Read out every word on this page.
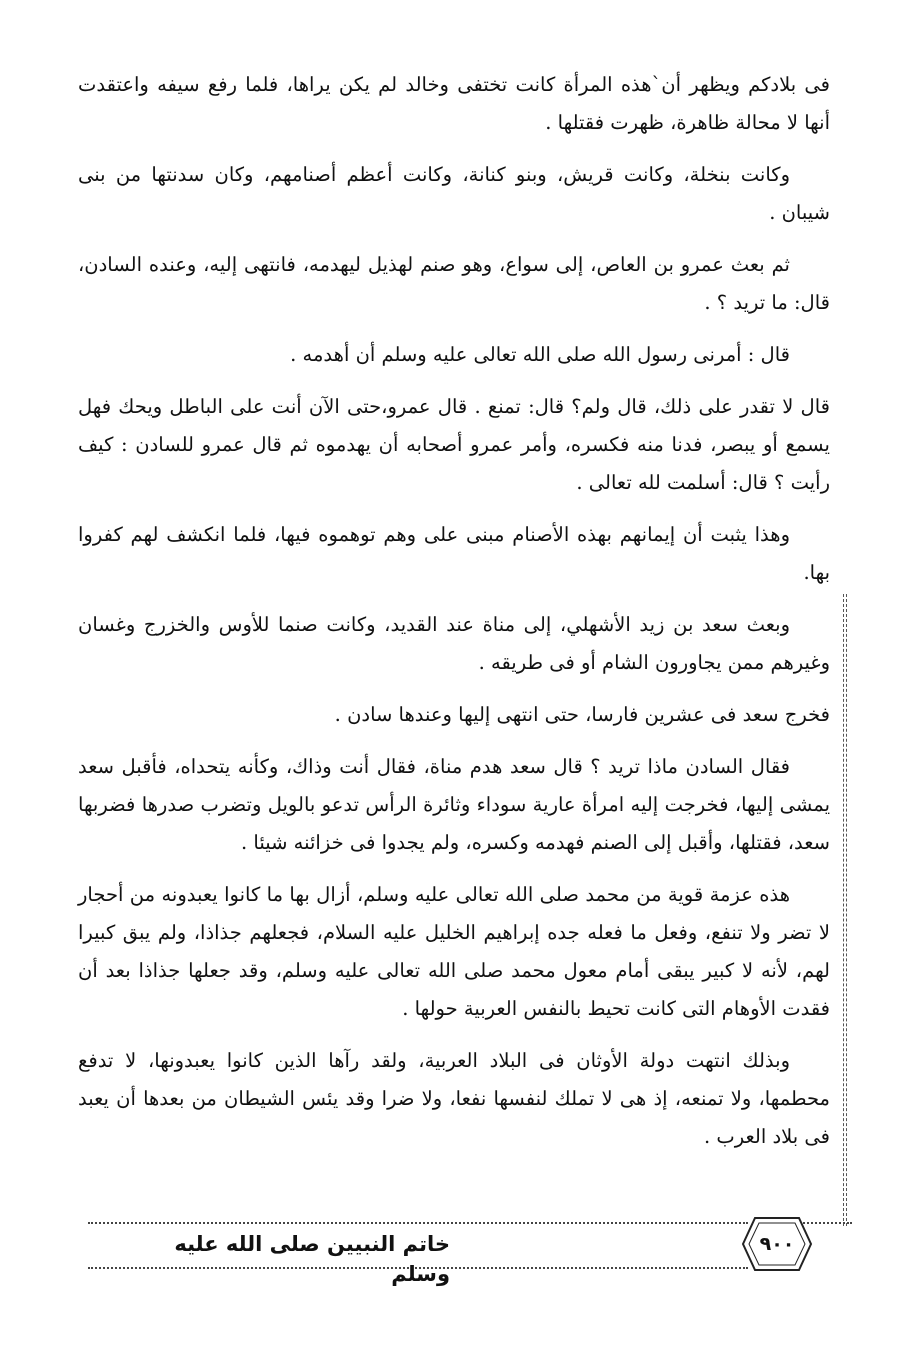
فى بلادكم ويظهر أن`هذه المرأة كانت تختفى وخالد لم يكن يراها، فلما رفع سيفه واعتقدت أنها لا محالة ظاهرة، ظهرت فقتلها .

وكانت بنخلة، وكانت قريش، وبنو كنانة، وكانت أعظم أصنامهم، وكان سدنتها من بنى شيبان .

ثم بعث عمرو بن العاص، إلى سواع، وهو صنم لهذيل ليهدمه، فانتهى إليه، وعنده السادن، قال: ما تريد ؟ .

قال : أمرنى رسول الله صلى الله تعالى عليه وسلم أن أهدمه .

قال لا تقدر على ذلك، قال ولم؟ قال: تمنع . قال عمرو،حتى الآن أنت على الباطل ويحك فهل يسمع أو يبصر، فدنا منه فكسره، وأمر عمرو أصحابه أن يهدموه ثم قال عمرو للسادن : كيف رأيت ؟ قال: أسلمت لله تعالى .

وهذا يثبت أن إيمانهم بهذه الأصنام مبنى على وهم توهموه فيها، فلما انكشف لهم كفروا بها.

وبعث سعد بن زيد الأشهلي، إلى مناة عند القديد، وكانت صنما للأوس والخزرج وغسان وغيرهم ممن يجاورون الشام أو فى طريقه .

فخرج سعد فى عشرين فارسا، حتى انتهى إليها وعندها سادن .

فقال السادن ماذا تريد ؟ قال سعد هدم مناة، فقال أنت وذاك، وكأنه يتحداه، فأقبل سعد يمشى إليها، فخرجت إليه امرأة عارية سوداء وثائرة الرأس تدعو بالويل وتضرب صدرها فضربها سعد، فقتلها، وأقبل إلى الصنم فهدمه وكسره، ولم يجدوا فى خزائنه شيئا .

هذه عزمة قوية من محمد صلى الله تعالى عليه وسلم، أزال بها ما كانوا يعبدونه من أحجار لا تضر ولا تنفع، وفعل ما فعله جده إبراهيم الخليل عليه السلام، فجعلهم جذاذا، ولم يبق كبيرا لهم، لأنه لا كبير يبقى أمام معول محمد صلى الله تعالى عليه وسلم، وقد جعلها جذاذا بعد أن فقدت الأوهام التى كانت تحيط بالنفس العربية حولها .

وبذلك انتهت دولة الأوثان فى البلاد العربية، ولقد رآها الذين كانوا يعبدونها، لا تدفع محطمها، ولا تمنعه، إذ هى لا تملك لنفسها نفعا، ولا ضرا وقد يئس الشيطان من بعدها أن يعبد فى بلاد العرب .

خاتم النبيين صلى الله عليه وسلم
٩٠٠
